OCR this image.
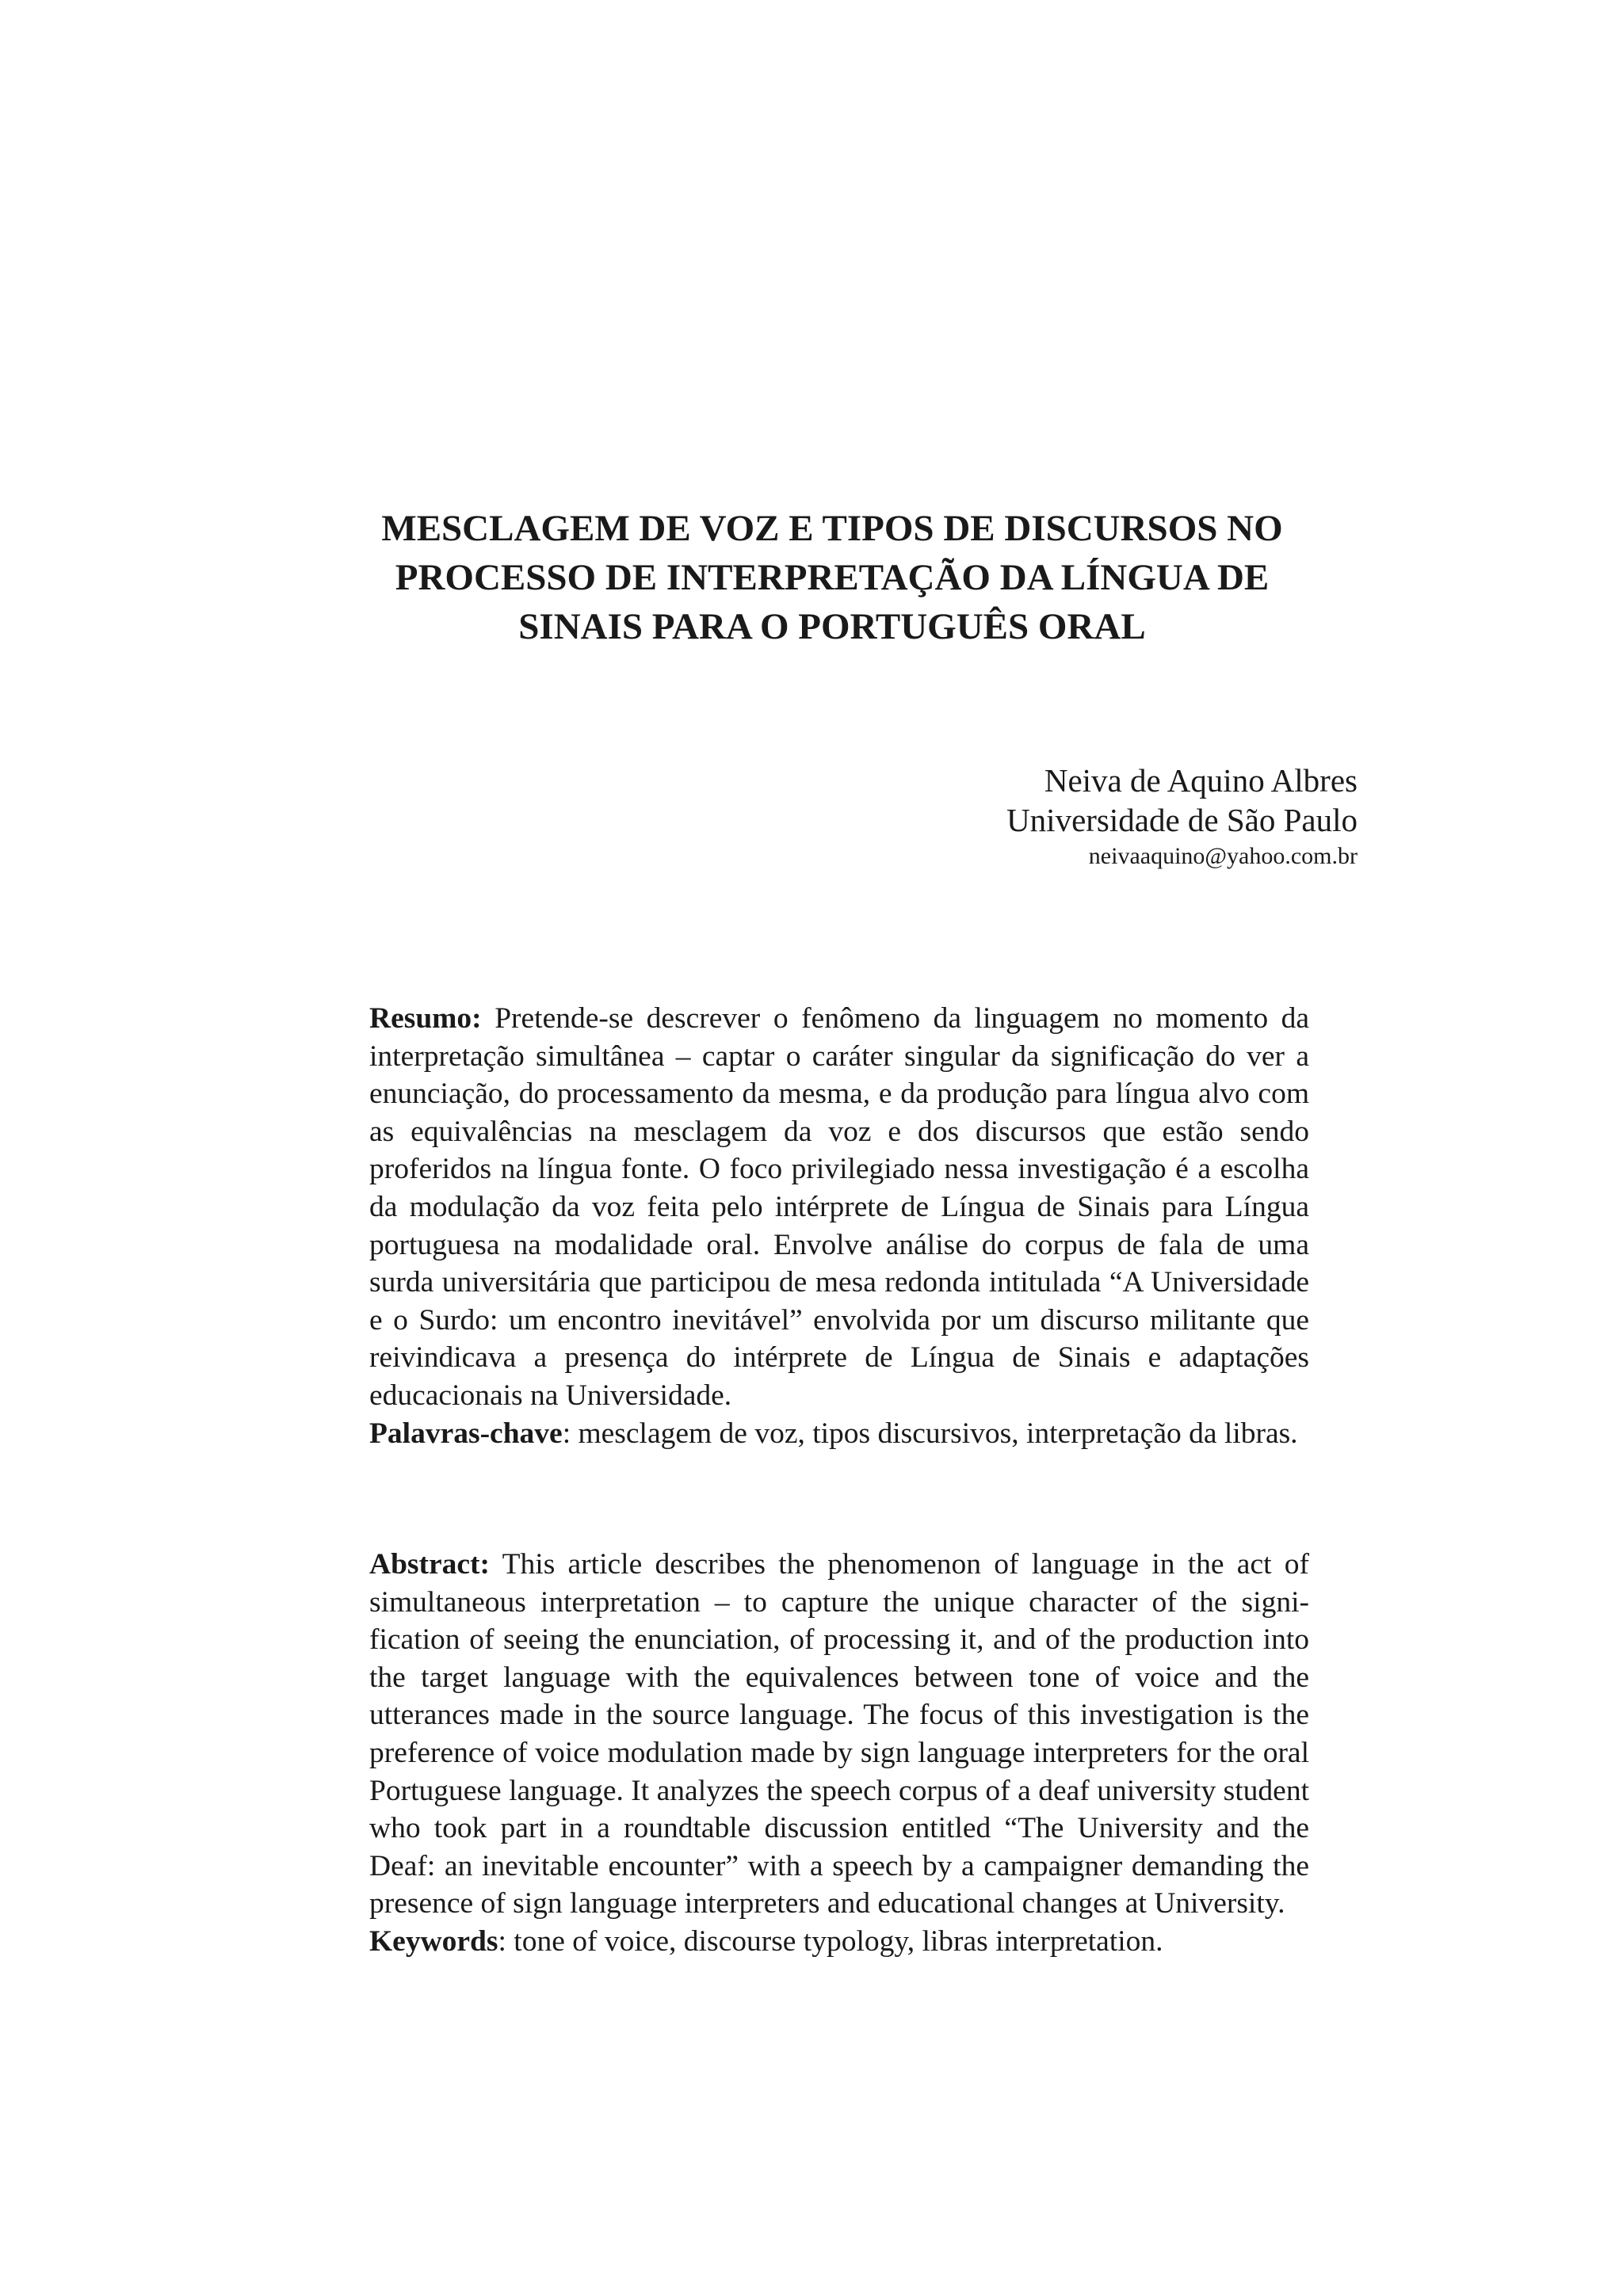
MESCLAGEM DE VOZ E TIPOS DE DISCURSOS NO
PROCESSO DE INTERPRETAÇÃO DA LÍNGUA DE
SINAIS PARA O PORTUGUÊS ORAL
Neiva de Aquino Albres
Universidade de São Paulo
neivaaquino@yahoo.com.br

Resumo: Pretende-se descrever o fenômeno da linguagem no momento da interpretação simultânea – captar o caráter singular da significação do ver a enunciação, do processamento da mesma, e da produção para língua alvo com as equivalências na mesclagem da voz e dos discursos que estão sendo proferidos na língua fonte. O foco privilegiado nessa investigação é a escolha da modulação da voz feita pelo intérprete de Língua de Sinais para Língua portuguesa na modalidade oral. Envolve análise do corpus de fala de uma surda universitária que participou de mesa redonda intitulada “A Universidade e o Surdo: um encontro inevitável” envolvida por um discurso militante que reivindicava a presença do intérprete de Língua de Sinais e adaptações educacionais na Universidade.

Palavras-chave: mesclagem de voz, tipos discursivos, interpretação da libras.

Abstract: This article describes the phenomenon of language in the act of simultaneous interpretation – to capture the unique character of the signification of seeing the enunciation, of processing it, and of the production into the target language with the equivalences between tone of voice and the utterances made in the source language. The focus of this investigation is the preference of voice modulation made by sign language interpreters for the oral Portuguese language. It analyzes the speech corpus of a deaf university student who took part in a roundtable discussion entitled “The University and the Deaf: an inevitable encounter” with a speech by a campaigner demanding the presence of sign language interpreters and educational changes at University.

Keywords: tone of voice, discourse typology, libras interpretation.
